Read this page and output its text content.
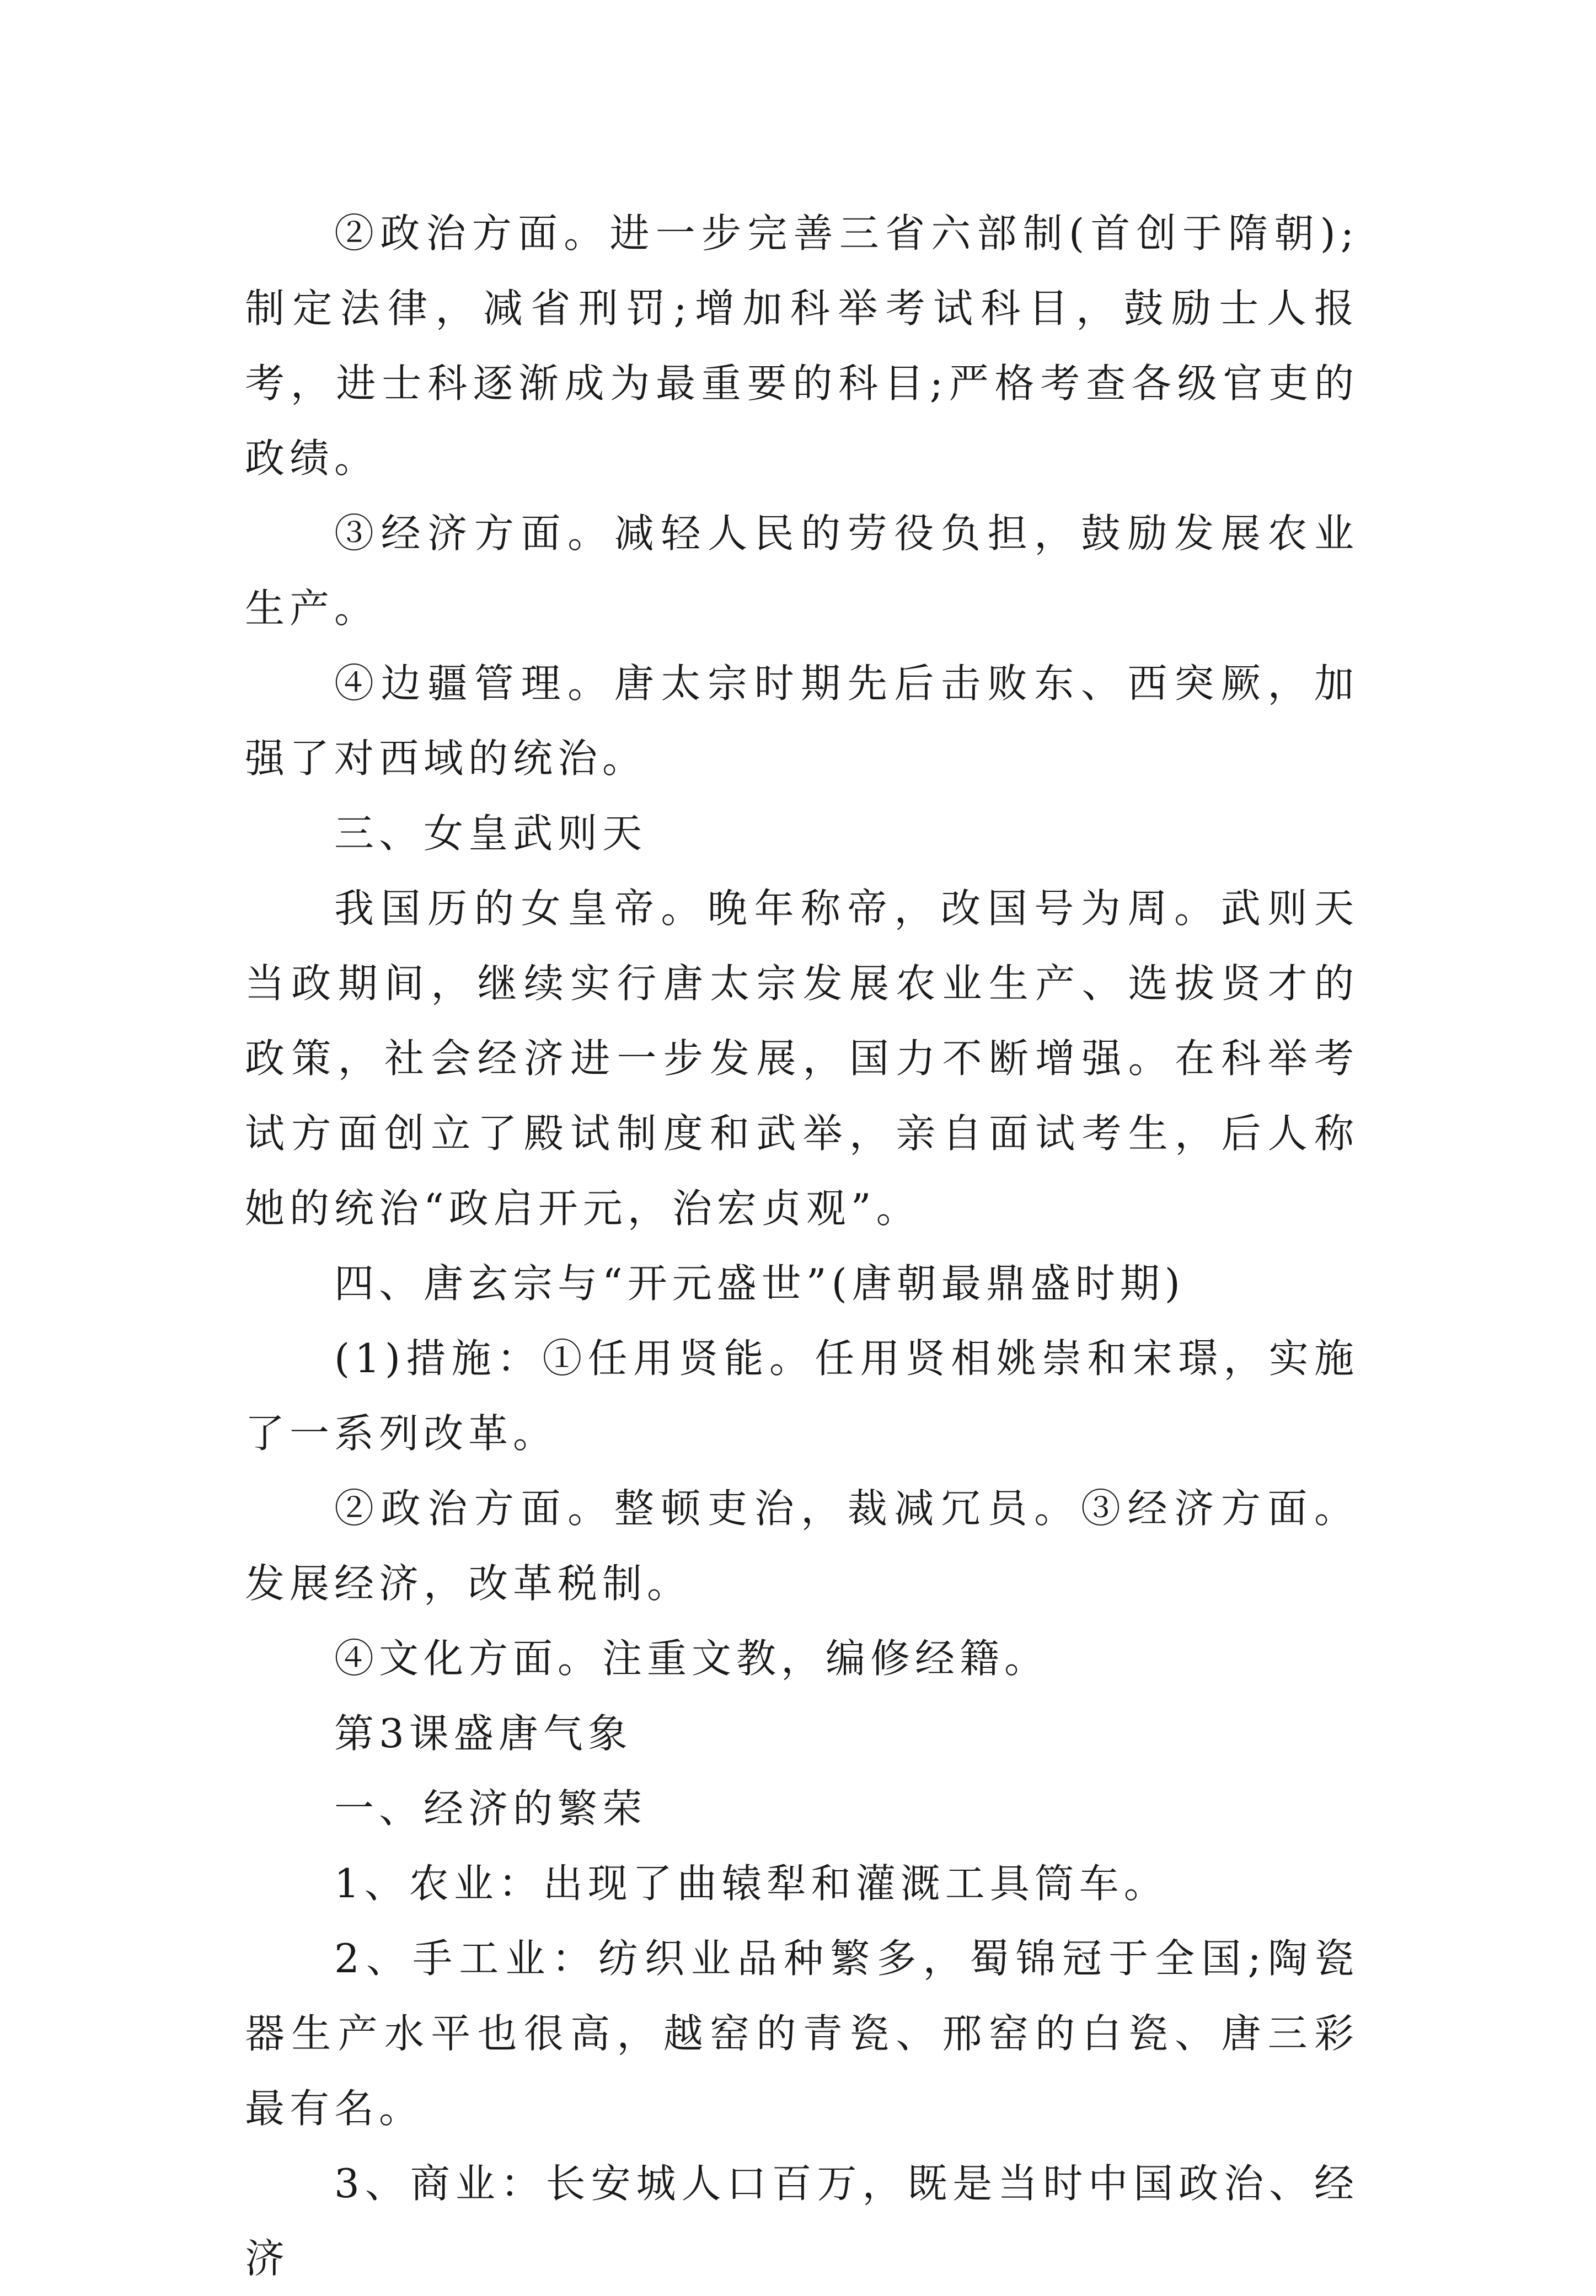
②政治方面。进一步完善三省六部制(首创于隋朝);制定法律，减省刑罚;增加科举考试科目，鼓励士人报考，进士科逐渐成为最重要的科目;严格考查各级官吏的政绩。

③经济方面。减轻人民的劳役负担，鼓励发展农业生产。

④边疆管理。唐太宗时期先后击败东、西突厥，加强了对西域的统治。

三、女皇武则天

我国历的女皇帝。晚年称帝，改国号为周。武则天当政期间，继续实行唐太宗发展农业生产、选拔贤才的政策，社会经济进一步发展，国力不断增强。在科举考试方面创立了殿试制度和武举，亲自面试考生，后人称她的统治“政启开元，治宏贞观”。

四、唐玄宗与“开元盛世”(唐朝最鼎盛时期)

(1)措施：①任用贤能。任用贤相姚崇和宋璟，实施了一系列改革。

②政治方面。整顿吏治，裁减冗员。③经济方面。发展经济，改革税制。

④文化方面。注重文教，编修经籍。

第3课盛唐气象

一、经济的繁荣

1、农业：出现了曲辕犁和灌溉工具筒车。

2、手工业：纺织业品种繁多，蜀锦冠于全国;陶瓷器生产水平也很高，越窑的青瓷、邢窑的白瓷、唐三彩最有名。

3、商业：长安城人口百万，既是当时中国政治、经济
